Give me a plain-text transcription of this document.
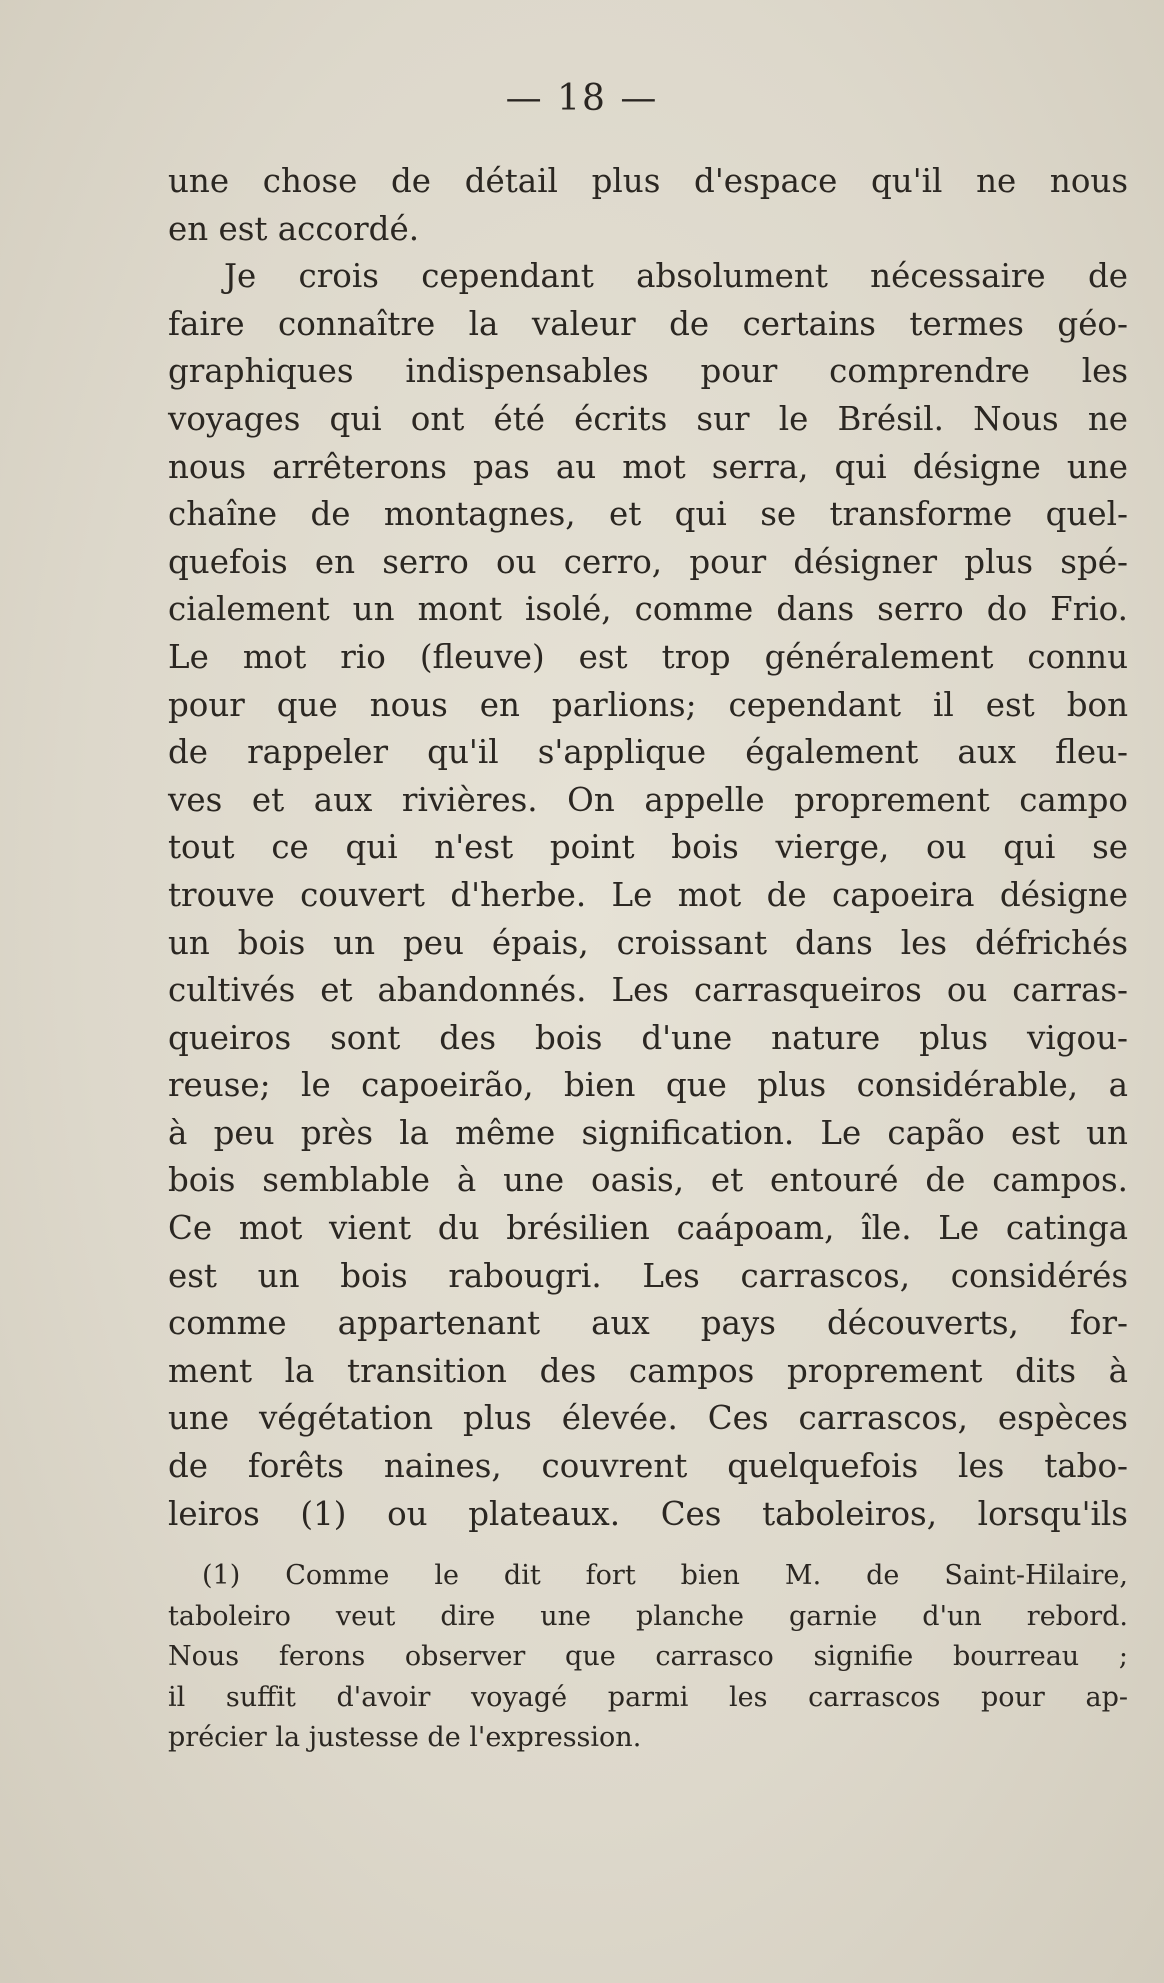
— 18 —
une chose de détail plus d'espace qu'il ne nous
en est accordé.
Je crois cependant absolument nécessaire de
faire connaître la valeur de certains termes géo-
graphiques indispensables pour comprendre les
voyages qui ont été écrits sur le Brésil. Nous ne
nous arrêterons pas au mot serra, qui désigne une
chaîne de montagnes, et qui se transforme quel-
quefois en serro ou cerro, pour désigner plus spé-
cialement un mont isolé, comme dans serro do Frio.
Le mot rio (fleuve) est trop généralement connu
pour que nous en parlions; cependant il est bon
de rappeler qu'il s'applique également aux fleu-
ves et aux rivières. On appelle proprement campo
tout ce qui n'est point bois vierge, ou qui se
trouve couvert d'herbe. Le mot de capoeira désigne
un bois un peu épais, croissant dans les défrichés
cultivés et abandonnés. Les carrasqueiros ou carras-
queiros sont des bois d'une nature plus vigou-
reuse; le capoeirão, bien que plus considérable, a
à peu près la même signification. Le capão est un
bois semblable à une oasis, et entouré de campos.
Ce mot vient du brésilien caápoam, île. Le catinga
est un bois rabougri. Les carrascos, considérés
comme appartenant aux pays découverts, for-
ment la transition des campos proprement dits à
une végétation plus élevée. Ces carrascos, espèces
de forêts naines, couvrent quelquefois les tabo-
leiros (1) ou plateaux. Ces taboleiros, lorsqu'ils
(1) Comme le dit fort bien M. de Saint-Hilaire,
taboleiro veut dire une planche garnie d'un rebord.
Nous ferons observer que carrasco signifie bourreau ;
il suffit d'avoir voyagé parmi les carrascos pour ap-
précier la justesse de l'expression.
